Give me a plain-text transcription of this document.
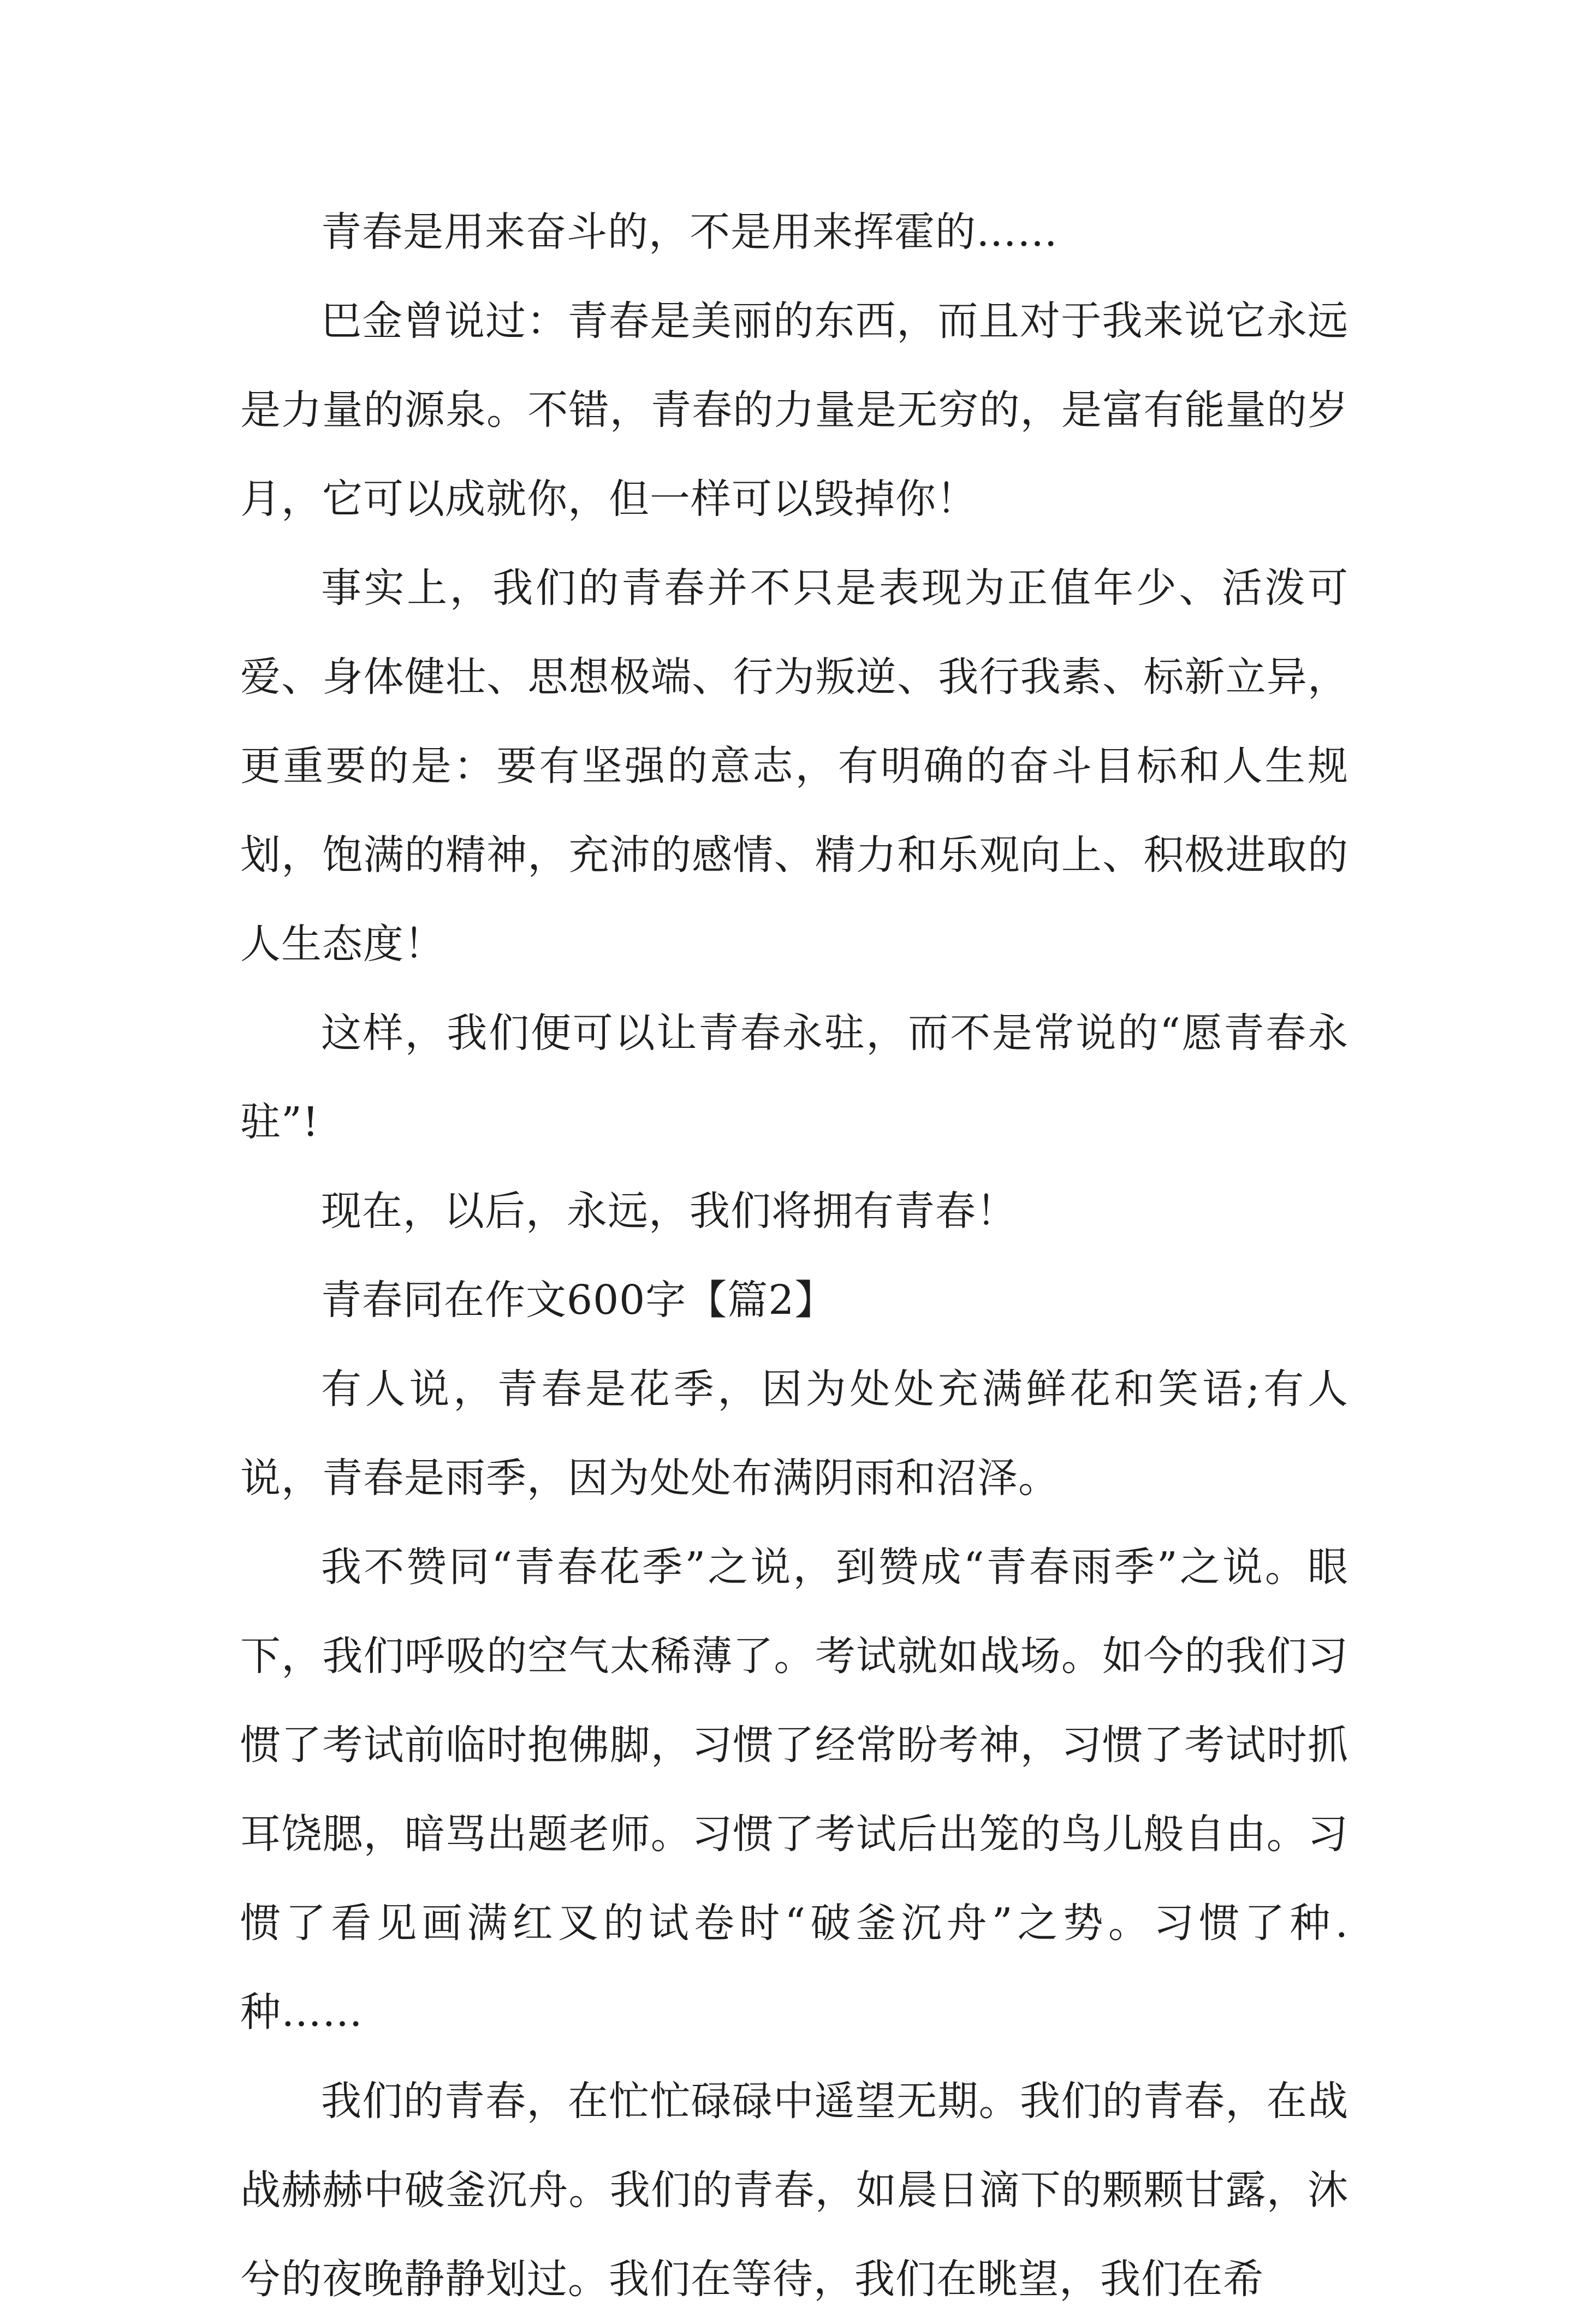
青春是用来奋斗的，不是用来挥霍的……

巴金曾说过：青春是美丽的东西，而且对于我来说它永远是力量的源泉。不错，青春的力量是无穷的，是富有能量的岁月，它可以成就你，但一样可以毁掉你！

事实上，我们的青春并不只是表现为正值年少、活泼可爱、身体健壮、思想极端、行为叛逆、我行我素、标新立异，更重要的是：要有坚强的意志，有明确的奋斗目标和人生规划，饱满的精神，充沛的感情、精力和乐观向上、积极进取的人生态度！

这样，我们便可以让青春永驻，而不是常说的“愿青春永驻”!

现在，以后，永远，我们将拥有青春！

青春同在作文600字【篇2】

有人说，青春是花季，因为处处充满鲜花和笑语;有人说，青春是雨季，因为处处布满阴雨和沼泽。

我不赞同“青春花季”之说，到赞成“青春雨季”之说。眼下，我们呼吸的空气太稀薄了。考试就如战场。如今的我们习惯了考试前临时抱佛脚，习惯了经常盼考神，习惯了考试时抓耳饶腮，暗骂出题老师。习惯了考试后出笼的鸟儿般自由。习惯了看见画满红叉的试卷时“破釜沉舟”之势。习惯了种.种……

我们的青春，在忙忙碌碌中遥望无期。我们的青春，在战战赫赫中破釜沉舟。我们的青春，如晨日滴下的颗颗甘露，沐兮的夜晚静静划过。我们在等待，我们在眺望，我们在希
